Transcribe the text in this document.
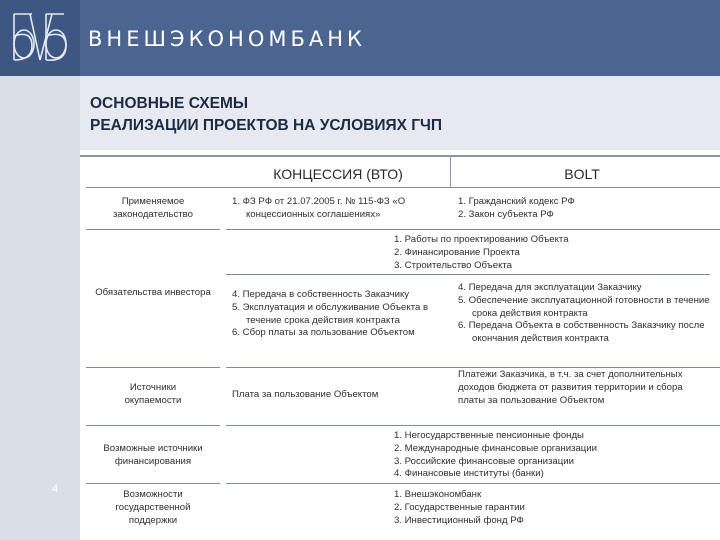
ВНЕШЭКОНОМБАНК
ОСНОВНЫЕ СХЕМЫ
РЕАЛИЗАЦИИ ПРОЕКТОВ НА УСЛОВИЯХ ГЧП
4
КОНЦЕССИЯ (ВТО)	BOLT
Применяемое законодательство
1. ФЗ РФ от 21.07.2005 г. № 115-ФЗ «О концессионных соглашениях»
1. Гражданский кодекс РФ
2. Закон субъекта РФ
Обязательства инвестора
1. Работы по проектированию Объекта
2. Финансирование Проекта
3. Строительство Объекта
4. Передача в собственность Заказчику
5. Эксплуатация и обслуживание Объекта в течение срока действия контракта
6. Сбор платы за пользование Объектом
4. Передача для эксплуатации Заказчику
5. Обеспечение эксплуатационной готовности в течение срока действия контракта
6. Передача Объекта в собственность Заказчику после окончания действия контракта
Источники окупаемости
Плата за пользование Объектом
Платежи Заказчика, в т.ч. за счет дополнительных доходов бюджета от развития территории и сбора платы за пользование Объектом
Возможные источники финансирования
1. Негосударственные пенсионные фонды
2. Международные финансовые организации
3. Российские финансовые организации
4. Финансовые институты (банки)
Возможности государственной поддержки
1. Внешэкономбанк
2. Государственные гарантии
3. Инвестиционный фонд РФ
